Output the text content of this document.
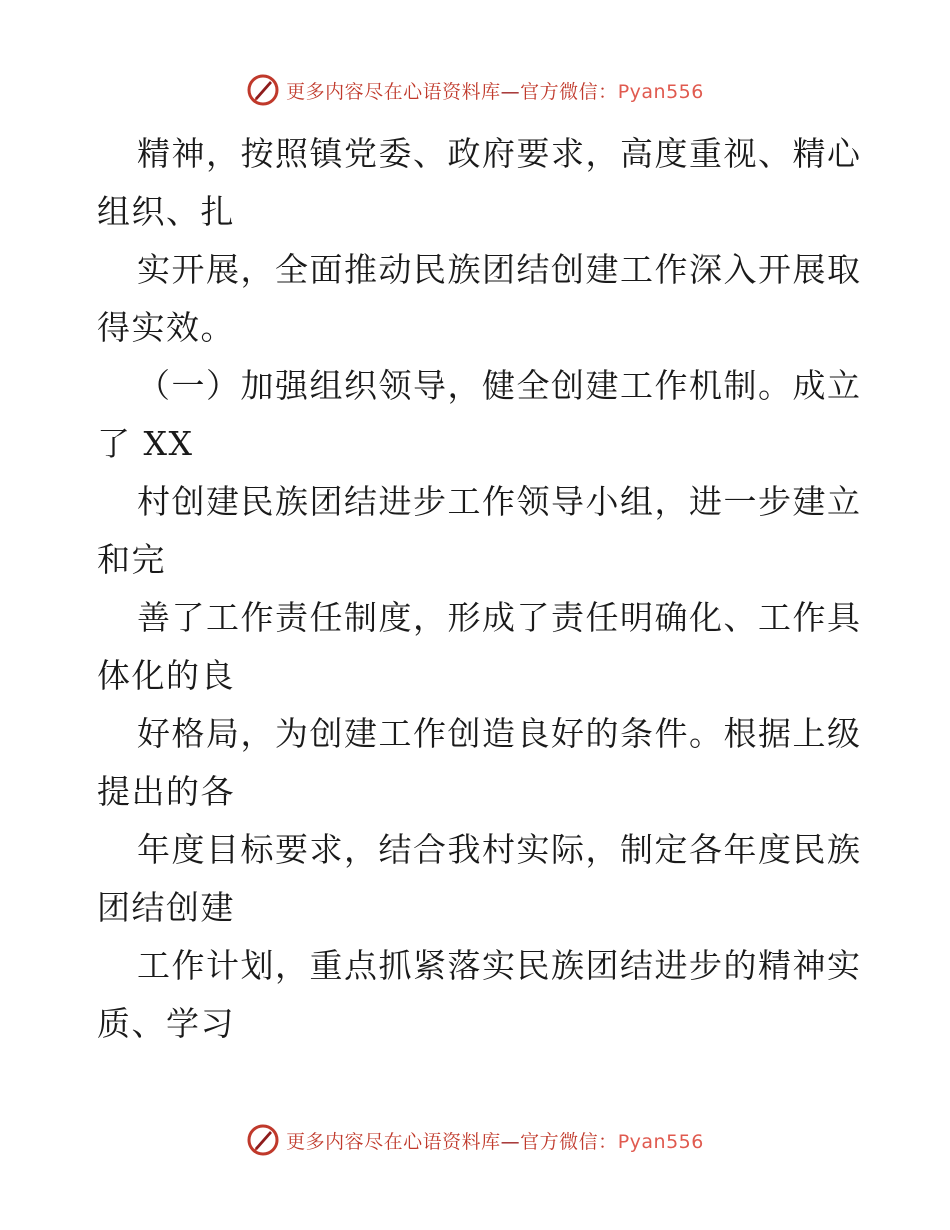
更多内容尽在心语资料库—官方微信：Pyan556
精神，按照镇党委、政府要求，高度重视、精心
组织、扎
实开展，全面推动民族团结创建工作深入开展取
得实效。
（一）加强组织领导，健全创建工作机制。成立
了 XX
村创建民族团结进步工作领导小组，进一步建立
和完
善了工作责任制度，形成了责任明确化、工作具
体化的良
好格局，为创建工作创造良好的条件。根据上级
提出的各
年度目标要求，结合我村实际，制定各年度民族
团结创建
工作计划，重点抓紧落实民族团结进步的精神实
质、学习
更多内容尽在心语资料库—官方微信：Pyan556
